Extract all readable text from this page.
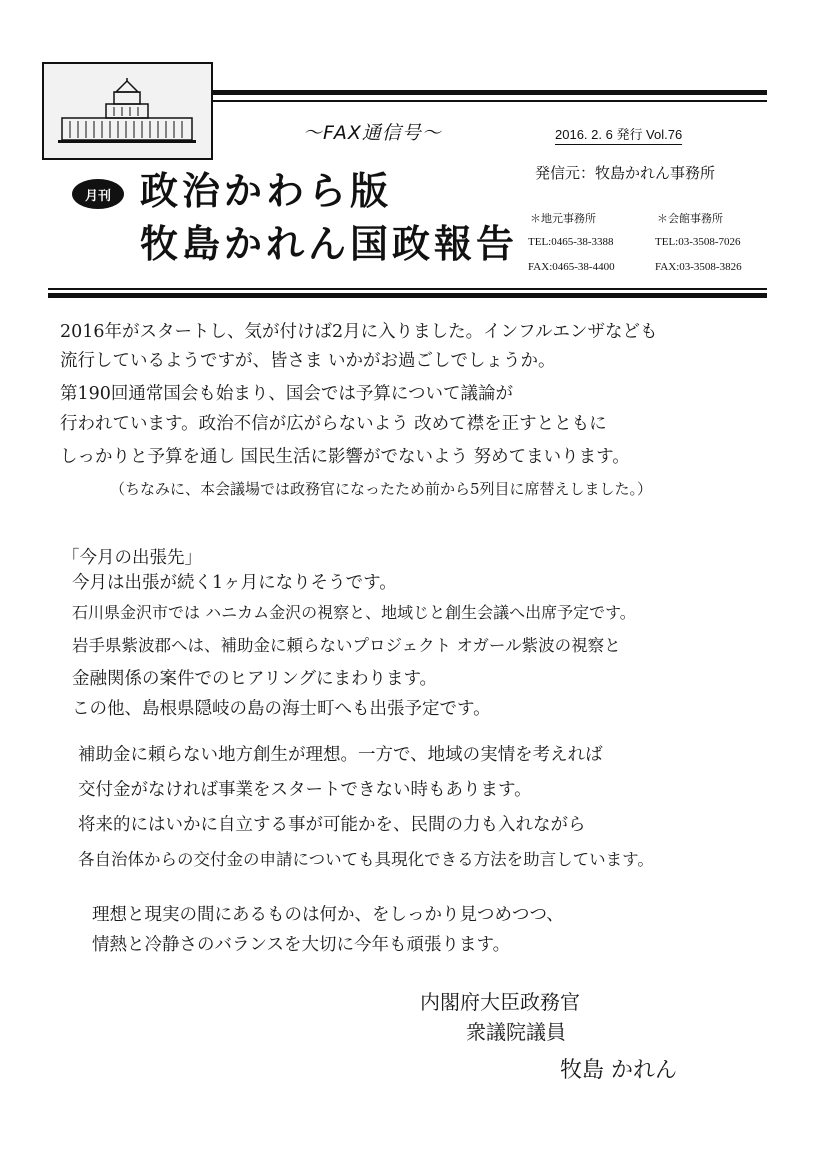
～FAX通信号～	2016. 2. 6 発行 Vol.76
月刊 政治かわら版
牧島かれん国政報告
発信元：牧島かれん事務所
＊地元事務所
TEL:0465-38-3388
FAX:0465-38-4400
＊会館事務所
TEL:03-3508-7026
FAX:03-3508-3826
2016年がスタートし、気が付けば2月に入りました。インフルエンザなども
流行しているようですが、皆さま いかがお過ごしでしょうか。
第190回通常国会も始まり、国会では予算について議論が
行われています。政治不信が広がらないよう 改めて襟を正すとともに
しっかりと予算を通し 国民生活に影響がでないよう 努めてまいります。
（ちなみに、本会議場では政務官になったため前から5列目に席替えしました。）
「今月の出張先」
今月は出張が続く1ヶ月になりそうです。
石川県金沢市では ハニカム金沢の視察と、地域じと創生会議へ出席予定です。
岩手県紫波郡へは、補助金に頼らないプロジェクト オガール紫波の視察と
金融関係の案件でのヒアリングにまわります。
この他、島根県隠岐の島の海士町へも出張予定です。
補助金に頼らない地方創生が理想。一方で、地域の実情を考えれば
交付金がなければ事業をスタートできない時もあります。
将来的にはいかに自立する事が可能かを、民間の力も入れながら
各自治体からの交付金の申請についても具現化できる方法を助言しています。
理想と現実の間にあるものは何か、をしっかり見つめつつ、
情熱と冷静さのバランスを大切に今年も頑張ります。
内閣府大臣政務官
衆議院議員
牧島 かれん
